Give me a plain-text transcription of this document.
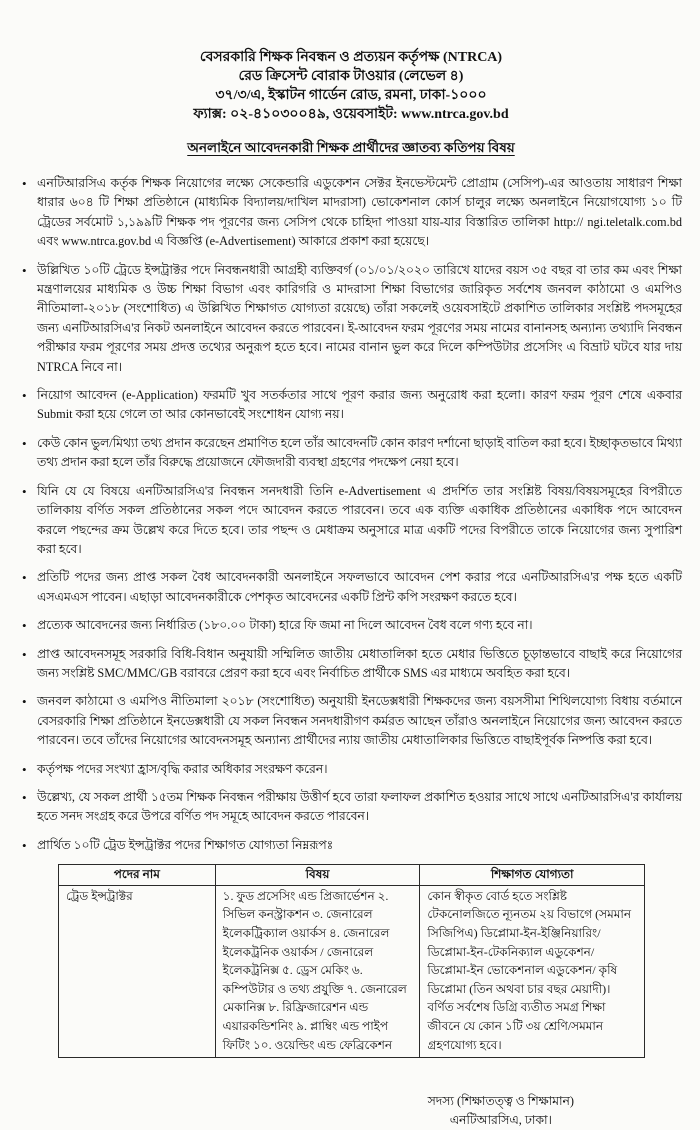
বেসরকারি শিক্ষক নিবন্ধন ও প্রত্যয়ন কর্তৃপক্ষ (NTRCA)
রেড ক্রিসেন্ট বোরাক টাওয়ার (লেভেল ৪)
৩৭/৩/এ, ইস্কাটন গার্ডেন রোড, রমনা, ঢাকা-১০০০
ফ্যাক্স: ০২-৪১০৩০০৪৯, ওয়েবসাইট: www.ntrca.gov.bd
অনলাইনে আবেদনকারী শিক্ষক প্রার্থীদের জ্ঞাতব্য কতিপয় বিষয়
• এনটিআরসিএ কর্তৃক শিক্ষক নিয়োগের লক্ষ্যে সেকেন্ডারি এডুকেশন সেক্টর ইনভেস্টমেন্ট প্রোগ্রাম (সেসিপ)-এর আওতায় সাধারণ শিক্ষা ধারার ৬০৪ টি শিক্ষা প্রতিষ্ঠানে (মাধ্যমিক বিদ্যালয়/দাখিল মাদরাসা) ভোকেশনাল কোর্স চালুর লক্ষ্যে অনলাইনে নিয়োগযোগ্য ১০ টি ট্রেডের সর্বমোট ১,১৯৯টি শিক্ষক পদ পূরণের জন্য সেসিপ থেকে চাহিদা পাওয়া যায়-যার বিস্তারিত তালিকা http:// ngi.teletalk.com.bd এবং www.ntrca.gov.bd এ বিজ্ঞপ্তি (e-Advertisement) আকারে প্রকাশ করা হয়েছে।
• উল্লিখিত ১০টি ট্রেডে ইন্সট্রাক্টর পদে নিবন্ধনধারী আগ্রহী ব্যক্তিবর্গ (০১/০১/২০২০ তারিখে যাদের বয়স ৩৫ বছর বা তার কম এবং শিক্ষা মন্ত্রণালয়ের মাধ্যমিক ও উচ্চ শিক্ষা বিভাগ এবং কারিগরি ও মাদরাসা শিক্ষা বিভাগের জারিকৃত সর্বশেষ জনবল কাঠামো ও এমপিও নীতিমালা-২০১৮ (সংশোধিত) এ উল্লিখিত শিক্ষাগত যোগ্যতা রয়েছে) তাঁরা সকলেই ওয়েবসাইটে প্রকাশিত তালিকার সংশ্লিষ্ট পদসমূহের জন্য এনটিআরসিএ'র নিকট অনলাইনে আবেদন করতে পারবেন। ই-আবেদন ফরম পূরণের সময় নামের বানানসহ অন্যান্য তথ্যাদি নিবন্ধন পরীক্ষার ফরম পূরণের সময় প্রদত্ত তথ্যের অনুরূপ হতে হবে। নামের বানান ভুল করে দিলে কম্পিউটার প্রসেসিং এ বিভ্রাট ঘটবে যার দায় NTRCA নিবে না।
• নিয়োগ আবেদন (e-Application) ফরমটি খুব সতর্কতার সাথে পূরণ করার জন্য অনুরোধ করা হলো। কারণ ফরম পূরণ শেষে একবার Submit করা হয়ে গেলে তা আর কোনভাবেই সংশোধন যোগ্য নয়।
• কেউ কোন ভুল/মিথ্যা তথ্য প্রদান করেছেন প্রমাণিত হলে তাঁর আবেদনটি কোন কারণ দর্শানো ছাড়াই বাতিল করা হবে। ইচ্ছাকৃতভাবে মিথ্যা তথ্য প্রদান করা হলে তাঁর বিরুদ্ধে প্রয়োজনে ফৌজদারী ব্যবস্থা গ্রহণের পদক্ষেপ নেয়া হবে।
• যিনি যে যে বিষয়ে এনটিআরসিএ'র নিবন্ধন সনদধারী তিনি e-Advertisement এ প্রদর্শিত তার সংশ্লিষ্ট বিষয়/বিষয়সমূহের বিপরীতে তালিকায় বর্ণিত সকল প্রতিষ্ঠানের সকল পদে আবেদন করতে পারবেন। তবে এক ব্যক্তি একাধিক প্রতিষ্ঠানের একাধিক পদে আবেদন করলে পছন্দের ক্রম উল্লেখ করে দিতে হবে। তার পছন্দ ও মেধাক্রম অনুসারে মাত্র একটি পদের বিপরীতে তাকে নিয়োগের জন্য সুপারিশ করা হবে।
• প্রতিটি পদের জন্য প্রাপ্ত সকল বৈধ আবেদনকারী অনলাইনে সফলভাবে আবেদন পেশ করার পরে এনটিআরসিএ'র পক্ষ হতে একটি এসএমএস পাবেন। এছাড়া আবেদনকারীকে পেশকৃত আবেদনের একটি প্রিন্ট কপি সংরক্ষণ করতে হবে।
• প্রত্যেক আবেদনের জন্য নির্ধারিত (১৮০.০০ টাকা) হারে ফি জমা না দিলে আবেদন বৈধ বলে গণ্য হবে না।
• প্রাপ্ত আবেদনসমূহ সরকারি বিধি-বিধান অনুযায়ী সম্মিলিত জাতীয় মেধাতালিকা হতে মেধার ভিত্তিতে চূড়ান্তভাবে বাছাই করে নিয়োগের জন্য সংশ্লিষ্ট SMC/MMC/GB বরাবরে প্রেরণ করা হবে এবং নির্বাচিত প্রার্থীকে SMS এর মাধ্যমে অবহিত করা হবে।
• জনবল কাঠামো ও এমপিও নীতিমালা ২০১৮ (সংশোধিত) অনুযায়ী ইনডেক্সধারী শিক্ষকদের জন্য বয়সসীমা শিথিলযোগ্য বিধায় বর্তমানে বেসরকারি শিক্ষা প্রতিষ্ঠানে ইনডেক্সধারী যে সকল নিবন্ধন সনদধারীগণ কর্মরত আছেন তাঁরাও অনলাইনে নিয়োগের জন্য আবেদন করতে পারবেন। তবে তাঁদের নিয়োগের আবেদনসমূহ অন্যান্য প্রার্থীদের ন্যায় জাতীয় মেধাতালিকার ভিত্তিতে বাছাইপূর্বক নিষ্পত্তি করা হবে।
• কর্তৃপক্ষ পদের সংখ্যা হ্রাস/বৃদ্ধি করার অধিকার সংরক্ষণ করেন।
• উল্লেখ্য, যে সকল প্রার্থী ১৫তম শিক্ষক নিবন্ধন পরীক্ষায় উত্তীর্ণ হবে তারা ফলাফল প্রকাশিত হওয়ার সাথে সাথে এনটিআরসিএ'র কার্যালয় হতে সনদ সংগ্রহ করে উপরে বর্ণিত পদ সমূহে আবেদন করতে পারবেন।
• প্রার্থিত ১০টি ট্রেড ইন্সট্রাক্টর পদের শিক্ষাগত যোগ্যতা নিম্নরূপঃ
পদের নাম	বিষয়	শিক্ষাগত যোগ্যতা
ট্রেড ইন্সট্রাক্টর	১. ফুড প্রসেসিং এন্ড প্রিজার্ভেশন ২. সিভিল কনস্ট্রাকশন ৩. জেনারেল ইলেকট্রিক্যাল ওয়ার্কস ৪. জেনারেল ইলেকট্রনিক ওয়ার্কস / জেনারেল ইলেকট্রনিক্স ৫. ড্রেস মেকিং ৬. কম্পিউটার ও তথ্য প্রযুক্তি ৭. জেনারেল মেকানিক্স ৮. রিফ্রিজারেশন এন্ড এয়ারকন্ডিশনিং ৯. প্লাম্বিং এন্ড পাইপ ফিটিং ১০. ওয়েল্ডিং এন্ড ফেব্রিকেশন	কোন স্বীকৃত বোর্ড হতে সংশ্লিষ্ট টেকনোলজিতে ন্যূনতম ২য় বিভাগে (সমমান সিজিপিএ) ডিপ্লোমা-ইন-ইঞ্জিনিয়ারিং/ ডিপ্লোমা-ইন-টেকনিক্যাল এডুকেশন/ ডিপ্লোমা-ইন ভোকেশনাল এডুকেশন/ কৃষি ডিপ্লোমা (তিন অথবা চার বছর মেয়াদী)। বর্ণিত সর্বশেষ ডিগ্রি ব্যতীত সমগ্র শিক্ষা জীবনে যে কোন ১টি ৩য় শ্রেণি/সমমান গ্রহণযোগ্য হবে।
সদস্য (শিক্ষাতত্ত্ব ও শিক্ষামান)
এনটিআরসিএ, ঢাকা।
